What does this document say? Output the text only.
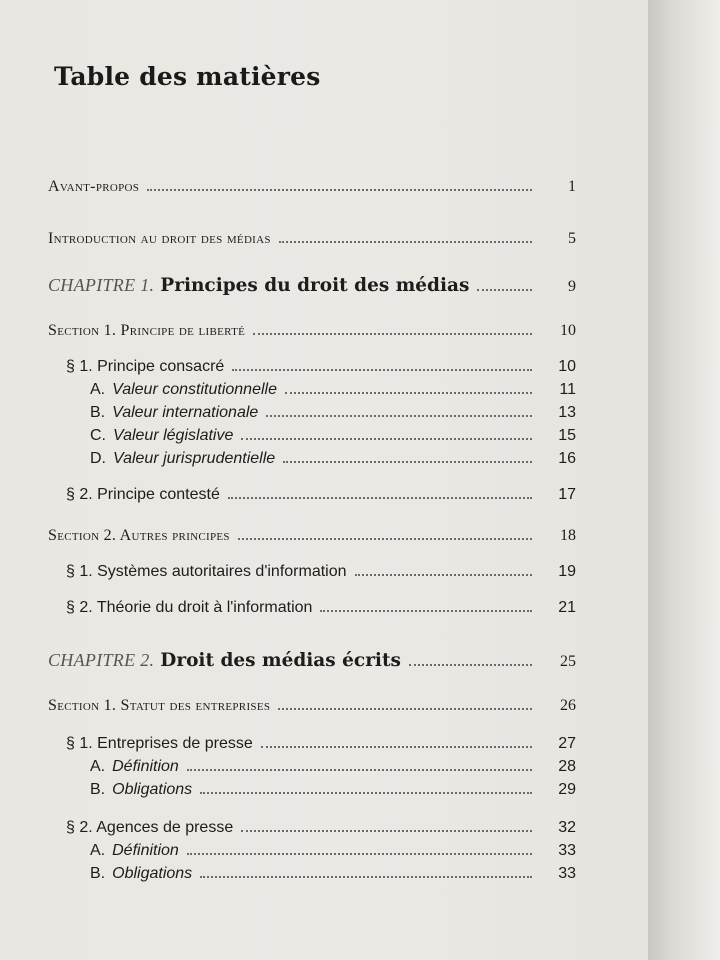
Table des matières
Avant-propos	1
Introduction au droit des médias	5
CHAPITRE 1. Principes du droit des médias	9
Section 1. Principe de liberté	10
§ 1. Principe consacré	10
A. Valeur constitutionnelle	11
B. Valeur internationale	13
C. Valeur législative	15
D. Valeur jurisprudentielle	16
§ 2. Principe contesté	17
Section 2. Autres principes	18
§ 1. Systèmes autoritaires d'information	19
§ 2. Théorie du droit à l'information	21
CHAPITRE 2. Droit des médias écrits	25
Section 1. Statut des entreprises	26
§ 1. Entreprises de presse	27
A. Définition	28
B. Obligations	29
§ 2. Agences de presse	32
A. Définition	33
B. Obligations	33
